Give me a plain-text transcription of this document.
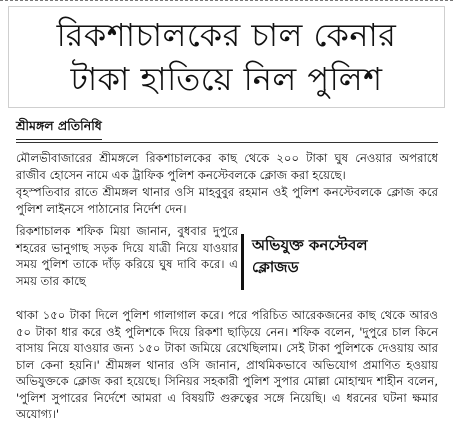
রিকশাচালকের চাল কেনার
টাকা হাতিয়ে নিল পুলিশ
শ্রীমঙ্গল প্রতিনিধি

মৌলভীবাজারের শ্রীমঙ্গলে রিকশাচালকের কাছ থেকে ২০০ টাকা ঘুষ নেওয়ার অপরাধে রাজীব হোসেন নামে এক ট্রাফিক পুলিশ কনস্টেবলকে ক্লোজ করা হয়েছে।

বৃহস্পতিবার রাতে শ্রীমঙ্গল থানার ওসি মাহবুবুর রহমান ওই পুলিশ কনস্টেবলকে ক্লোজ করে পুলিশ লাইনসে পাঠানোর নির্দেশ দেন।

রিকশাচালক শফিক মিয়া জানান, বুধবার দুপুরে শহরের ভানুগাছ সড়ক দিয়ে যাত্রী নিয়ে যাওয়ার সময় পুলিশ তাকে দাঁড় করিয়ে ঘুষ দাবি করে। এ সময় তার কাছে

অভিযুক্ত কনস্টেবল
ক্লোজড

থাকা ১৫০ টাকা দিলে পুলিশ গালাগাল করে। পরে পরিচিত আরেকজনের কাছ থেকে আরও ৫০ টাকা ধার করে ওই পুলিশকে দিয়ে রিকশা ছাড়িয়ে নেন। শফিক বলেন, 'দুপুরে চাল কিনে বাসায় নিয়ে যাওয়ার জন্য ১৫০ টাকা জমিয়ে রেখেছিলাম। সেই টাকা পুলিশকে দেওয়ায় আর চাল কেনা হয়নি।' শ্রীমঙ্গল থানার ওসি জানান, প্রাথমিকভাবে অভিযোগ প্রমাণিত হওয়ায় অভিযুক্তকে ক্লোজ করা হয়েছে। সিনিয়র সহকারী পুলিশ সুপার মোল্লা মোহাম্মদ শাহীন বলেন, 'পুলিশ সুপারের নির্দেশে আমরা এ বিষয়টি গুরুত্বের সঙ্গে নিয়েছি। এ ধরনের ঘটনা ক্ষমার অযোগ্য।'
